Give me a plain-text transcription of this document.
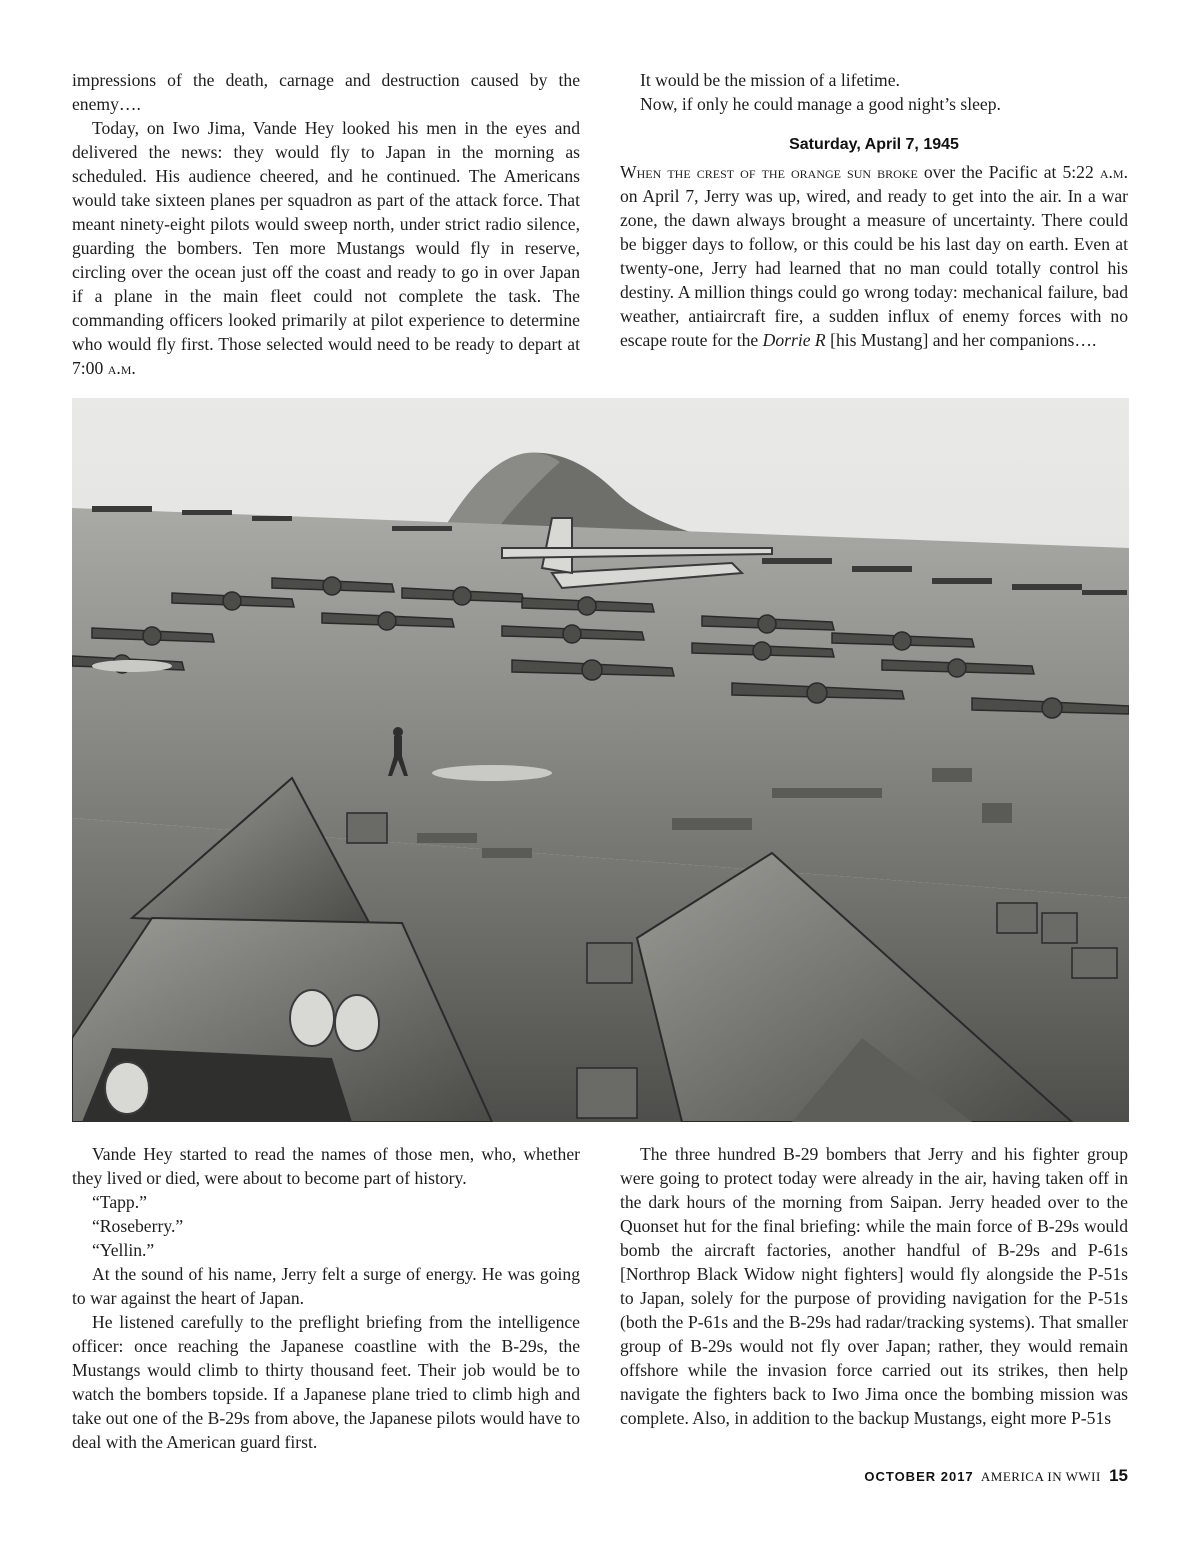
impressions of the death, carnage and destruction caused by the enemy….

Today, on Iwo Jima, Vande Hey looked his men in the eyes and delivered the news: they would fly to Japan in the morning as scheduled. His audience cheered, and he continued. The Americans would take sixteen planes per squadron as part of the attack force. That meant ninety-eight pilots would sweep north, under strict radio silence, guarding the bombers. Ten more Mustangs would fly in reserve, circling over the ocean just off the coast and ready to go in over Japan if a plane in the main fleet could not complete the task. The commanding officers looked primarily at pilot experience to determine who would fly first. Those selected would need to be ready to depart at 7:00 a.m.

It would be the mission of a lifetime.

Now, if only he could manage a good night’s sleep.

Saturday, April 7, 1945

When the crest of the orange sun broke over the Pacific at 5:22 a.m. on April 7, Jerry was up, wired, and ready to get into the air. In a war zone, the dawn always brought a measure of uncertainty. There could be bigger days to follow, or this could be his last day on earth. Even at twenty-one, Jerry had learned that no man could totally control his destiny. A million things could go wrong today: mechanical failure, bad weather, antiaircraft fire, a sudden influx of enemy forces with no escape route for the Dorrie R [his Mustang] and her companions….

Vande Hey started to read the names of those men, who, whether they lived or died, were about to become part of history.

“Tapp.”

“Roseberry.”

“Yellin.”

At the sound of his name, Jerry felt a surge of energy. He was going to war against the heart of Japan.

He listened carefully to the preflight briefing from the intelligence officer: once reaching the Japanese coastline with the B-29s, the Mustangs would climb to thirty thousand feet. Their job would be to watch the bombers topside. If a Japanese plane tried to climb high and take out one of the B-29s from above, the Japanese pilots would have to deal with the American guard first.

The three hundred B-29 bombers that Jerry and his fighter group were going to protect today were already in the air, having taken off in the dark hours of the morning from Saipan. Jerry headed over to the Quonset hut for the final briefing: while the main force of B-29s would bomb the aircraft factories, another handful of B-29s and P-61s [Northrop Black Widow night fighters] would fly alongside the P-51s to Japan, solely for the purpose of providing navigation for the P-51s (both the P-61s and the B-29s had radar/tracking systems). That smaller group of B-29s would not fly over Japan; rather, they would remain offshore while the invasion force carried out its strikes, then help navigate the fighters back to Iwo Jima once the bombing mission was complete. Also, in addition to the backup Mustangs, eight more P-51s

OCTOBER 2017 AMERICA IN WWII 15
